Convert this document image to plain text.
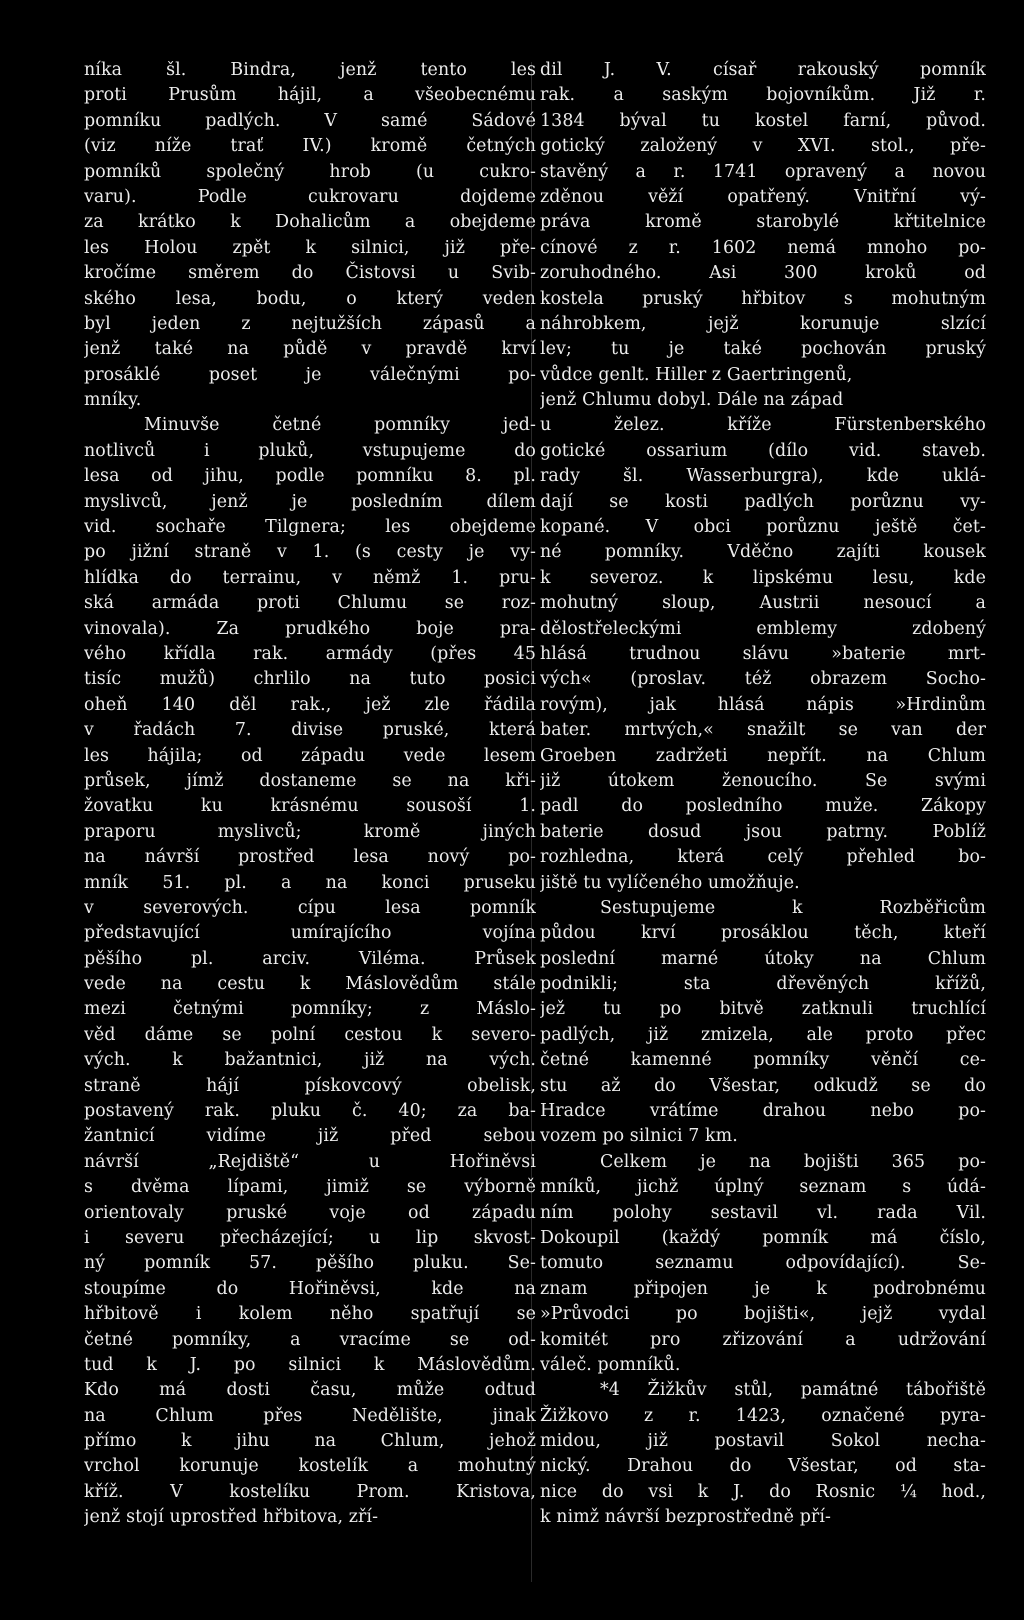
níka šl. Bindra, jenž tento les
proti Prusům hájil, a všeobecnému
pomníku padlých. V samé Sádové
(viz níže trať IV.) kromě četných
pomníků společný hrob (u cukro-
varu). Podle cukrovaru dojdeme
za krátko k Dohalicům a obejdeme
les Holou zpět k silnici, již pře-
kročíme směrem do Čistovsi u Svib-
ského lesa, bodu, o který veden
byl jeden z nejtužších zápasů a
jenž také na půdě v pravdě krví
prosáklé poset je válečnými po-
mníky.
Minuvše četné pomníky jed-
notlivců i pluků, vstupujeme do
lesa od jihu, podle pomníku 8. pl.
myslivců, jenž je posledním dílem
vid. sochaře Tilgnera; les obejdeme
po jižní straně v 1. (s cesty je vy-
hlídka do terrainu, v němž 1. pru-
ská armáda proti Chlumu se roz-
vinovala). Za prudkého boje pra-
vého křídla rak. armády (přes 45
tisíc mužů) chrlilo na tuto posici
oheň 140 děl rak., jež zle řádila
v řadách 7. divise pruské, která
les hájila; od západu vede lesem
průsek, jímž dostaneme se na kři-
žovatku ku krásnému sousoší 1.
praporu myslivců; kromě jiných
na návrší prostřed lesa nový po-
mník 51. pl. a na konci pruseku
v severových. cípu lesa pomník
představující umírajícího vojína
pěšího pl. arciv. Viléma. Průsek
vede na cestu k Máslovědům stále
mezi četnými pomníky; z Máslo-
věd dáme se polní cestou k severo-
vých. k bažantnici, již na vých.
straně hájí pískovcový obelisk,
postavený rak. pluku č. 40; za ba-
žantnicí vidíme již před sebou
návrší „Rejdiště“ u Hořiněvsi
s dvěma lípami, jimiž se výborně
orientovaly pruské voje od západu
i severu přecházející; u lip skvost-
ný pomník 57. pěšího pluku. Se-
stoupíme do Hořiněvsi, kde na
hřbitově i kolem něho spatřují se
četné pomníky, a vracíme se od-
tud k J. po silnici k Máslovědům.
Kdo má dosti času, může odtud
na Chlum přes Nedělište, jinak
přímo k jihu na Chlum, jehož
vrchol korunuje kostelík a mohutný
kříž. V kostelíku Prom. Kristova,
jenž stojí uprostřed hřbitova, zří-
dil J. V. císař rakouský pomník
rak. a saským bojovníkům. Již r.
1384 býval tu kostel farní, původ.
gotický založený v XVI. stol., pře-
stavěný a r. 1741 opravený a novou
zděnou věží opatřený. Vnitřní vý-
práva kromě starobylé křtitelnice
cínové z r. 1602 nemá mnoho po-
zoruhodného. Asi 300 kroků od
kostela pruský hřbitov s mohutným
náhrobkem, jejž korunuje slzící
lev; tu je také pochován pruský
vůdce genlt. Hiller z Gaertringenů,
jenž Chlumu dobyl. Dále na západ
u želez. kříže Fürstenberského
gotické ossarium (dílo vid. staveb.
rady šl. Wasserburgra), kde uklá-
dají se kosti padlých porůznu vy-
kopané. V obci porůznu ještě čet-
né pomníky. Vděčno zajíti kousek
k severoz. k lipskému lesu, kde
mohutný sloup, Austrii nesoucí a
dělostřeleckými emblemy zdobený
hlásá trudnou slávu »baterie mrt-
vých« (proslav. též obrazem Socho-
rovým), jak hlásá nápis »Hrdinům
bater. mrtvých,« snažilt se van der
Groeben zadržeti nepřít. na Chlum
již útokem ženoucího. Se svými
padl do posledního muže. Zákopy
baterie dosud jsou patrny. Poblíž
rozhledna, která celý přehled bo-
jiště tu vylíčeného umožňuje.
Sestupujeme k Rozběřicům
půdou krví prosáklou těch, kteří
poslední marné útoky na Chlum
podnikli; sta dřevěných křížů,
jež tu po bitvě zatknuli truchlící
padlých, již zmizela, ale proto přec
četné kamenné pomníky věnčí ce-
stu až do Všestar, odkudž se do
Hradce vrátíme drahou nebo po-
vozem po silnici 7 km.
Celkem je na bojišti 365 po-
mníků, jichž úplný seznam s údá-
ním polohy sestavil vl. rada Vil.
Dokoupil (každý pomník má číslo,
tomuto seznamu odpovídající). Se-
znam připojen je k podrobnému
»Průvodci po bojišti«, jejž vydal
komitét pro zřizování a udržování
váleč. pomníků.
*4 Žižkův stůl, památné tábořiště
Žižkovo z r. 1423, označené pyra-
midou, již postavil Sokol necha-
nický. Drahou do Všestar, od sta-
nice do vsi k J. do Rosnic ¼ hod.,
k nimž návrší bezprostředně pří-
